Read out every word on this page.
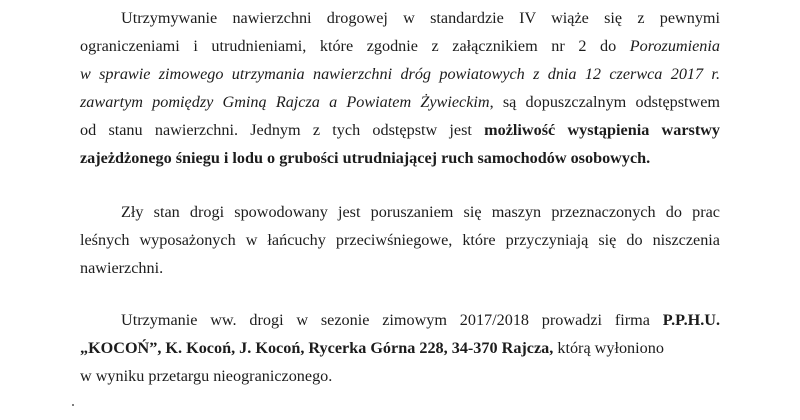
Utrzymywanie nawierzchni drogowej w standardzie IV wiąże się z pewnymi
ograniczeniami i utrudnieniami, które zgodnie z załącznikiem nr 2 do Porozumienia
w sprawie zimowego utrzymania nawierzchni dróg powiatowych z dnia 12 czerwca 2017 r.
zawartym pomiędzy Gminą Rajcza a Powiatem Żywieckim, są dopuszczalnym odstępstwem
od stanu nawierzchni. Jednym z tych odstępstw jest możliwość wystąpienia warstwy
zajeżdżonego śniegu i lodu o grubości utrudniającej ruch samochodów osobowych.
Zły stan drogi spowodowany jest poruszaniem się maszyn przeznaczonych do prac
leśnych wyposażonych w łańcuchy przeciwśniegowe, które przyczyniają się do niszczenia
nawierzchni.
Utrzymanie ww. drogi w sezonie zimowym 2017/2018 prowadzi firma P.P.H.U.
„KOCOŃ”, K. Kocoń, J. Kocoń, Rycerka Górna 228, 34-370 Rajcza, którą wyłoniono
w wyniku przetargu nieograniczonego.
